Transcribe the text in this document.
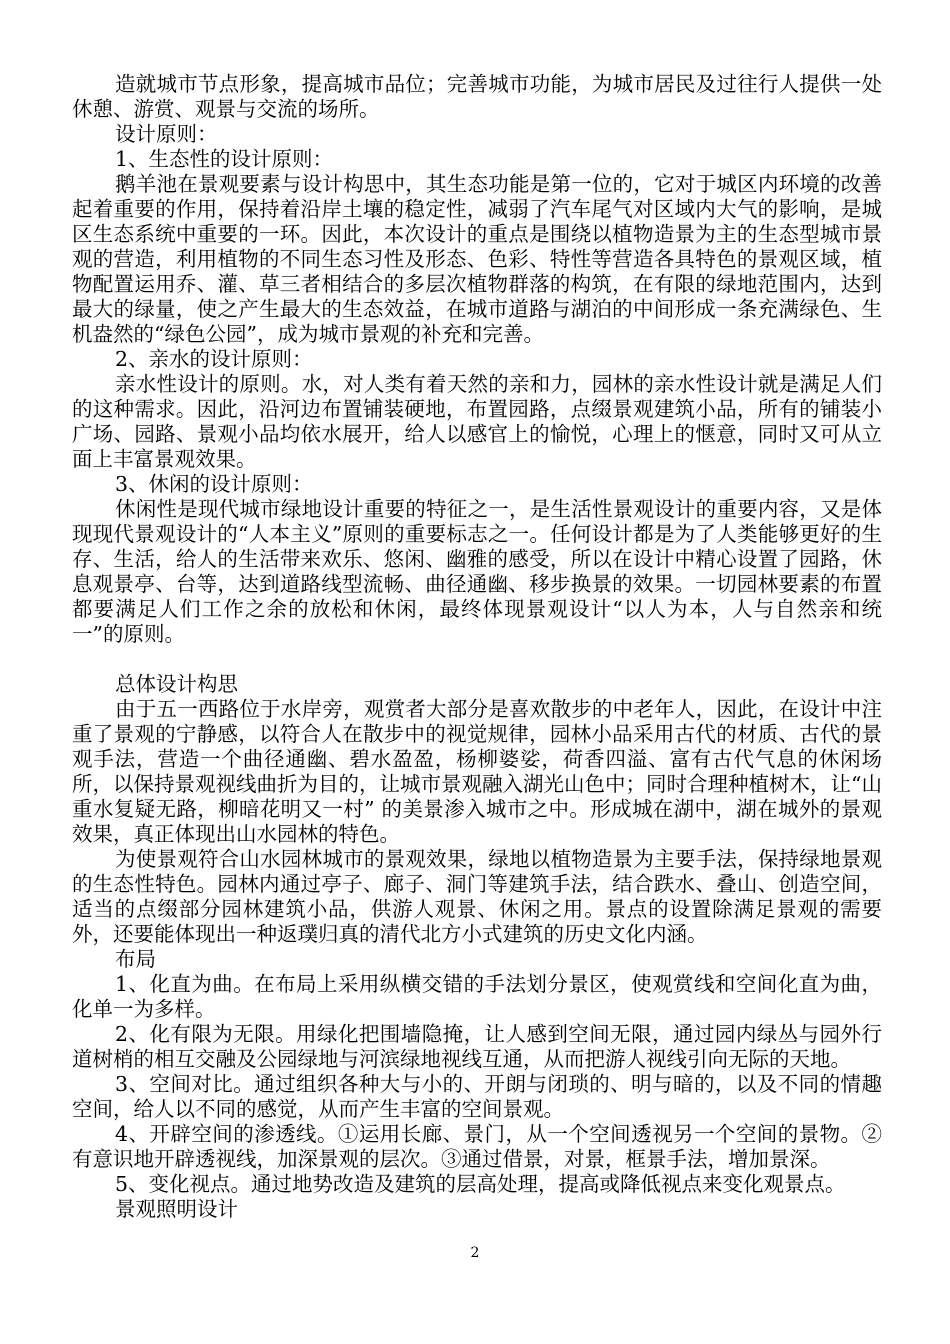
造就城市节点形象，提高城市品位；完善城市功能，为城市居民及过往行人提供一处休憩、游赏、观景与交流的场所。

设计原则：

1、生态性的设计原则：

鹅羊池在景观要素与设计构思中，其生态功能是第一位的，它对于城区内环境的改善起着重要的作用，保持着沿岸土壤的稳定性，减弱了汽车尾气对区域内大气的影响，是城区生态系统中重要的一环。因此，本次设计的重点是围绕以植物造景为主的生态型城市景观的营造，利用植物的不同生态习性及形态、色彩、特性等营造各具特色的景观区域，植物配置运用乔、灌、草三者相结合的多层次植物群落的构筑，在有限的绿地范围内，达到最大的绿量，使之产生最大的生态效益，在城市道路与湖泊的中间形成一条充满绿色、生机盎然的“绿色公园”，成为城市景观的补充和完善。

2、亲水的设计原则：

亲水性设计的原则。水，对人类有着天然的亲和力，园林的亲水性设计就是满足人们的这种需求。因此，沿河边布置铺装硬地，布置园路，点缀景观建筑小品，所有的铺装小广场、园路、景观小品均依水展开，给人以感官上的愉悦，心理上的惬意，同时又可从立面上丰富景观效果。

3、休闲的设计原则：

休闲性是现代城市绿地设计重要的特征之一，是生活性景观设计的重要内容，又是体现现代景观设计的“人本主义”原则的重要标志之一。任何设计都是为了人类能够更好的生存、生活，给人的生活带来欢乐、悠闲、幽雅的感受，所以在设计中精心设置了园路，休息观景亭、台等，达到道路线型流畅、曲径通幽、移步换景的效果。一切园林要素的布置都要满足人们工作之余的放松和休闲，最终体现景观设计“以人为本，人与自然亲和统一”的原则。

总体设计构思

由于五一西路位于水岸旁，观赏者大部分是喜欢散步的中老年人，因此，在设计中注重了景观的宁静感，以符合人在散步中的视觉规律，园林小品采用古代的材质、古代的景观手法，营造一个曲径通幽、碧水盈盈，杨柳婆娑，荷香四溢、富有古代气息的休闲场所，以保持景观视线曲折为目的，让城市景观融入湖光山色中；同时合理种植树木，让“山重水复疑无路，柳暗花明又一村” 的美景渗入城市之中。形成城在湖中，湖在城外的景观效果，真正体现出山水园林的特色。

为使景观符合山水园林城市的景观效果，绿地以植物造景为主要手法，保持绿地景观的生态性特色。园林内通过亭子、廊子、洞门等建筑手法，结合跌水、叠山、创造空间，适当的点缀部分园林建筑小品，供游人观景、休闲之用。景点的设置除满足景观的需要外，还要能体现出一种返璞归真的清代北方小式建筑的历史文化内涵。

布局

1、化直为曲。在布局上采用纵横交错的手法划分景区，使观赏线和空间化直为曲，化单一为多样。

2、化有限为无限。用绿化把围墙隐掩，让人感到空间无限，通过园内绿丛与园外行道树梢的相互交融及公园绿地与河滨绿地视线互通，从而把游人视线引向无际的天地。

3、空间对比。通过组织各种大与小的、开朗与闭琐的、明与暗的，以及不同的情趣空间，给人以不同的感觉，从而产生丰富的空间景观。

4、开辟空间的渗透线。①运用长廊、景门，从一个空间透视另一个空间的景物。②有意识地开辟透视线，加深景观的层次。③通过借景，对景，框景手法，增加景深。

5、变化视点。通过地势改造及建筑的层高处理，提高或降低视点来变化观景点。

景观照明设计

2
